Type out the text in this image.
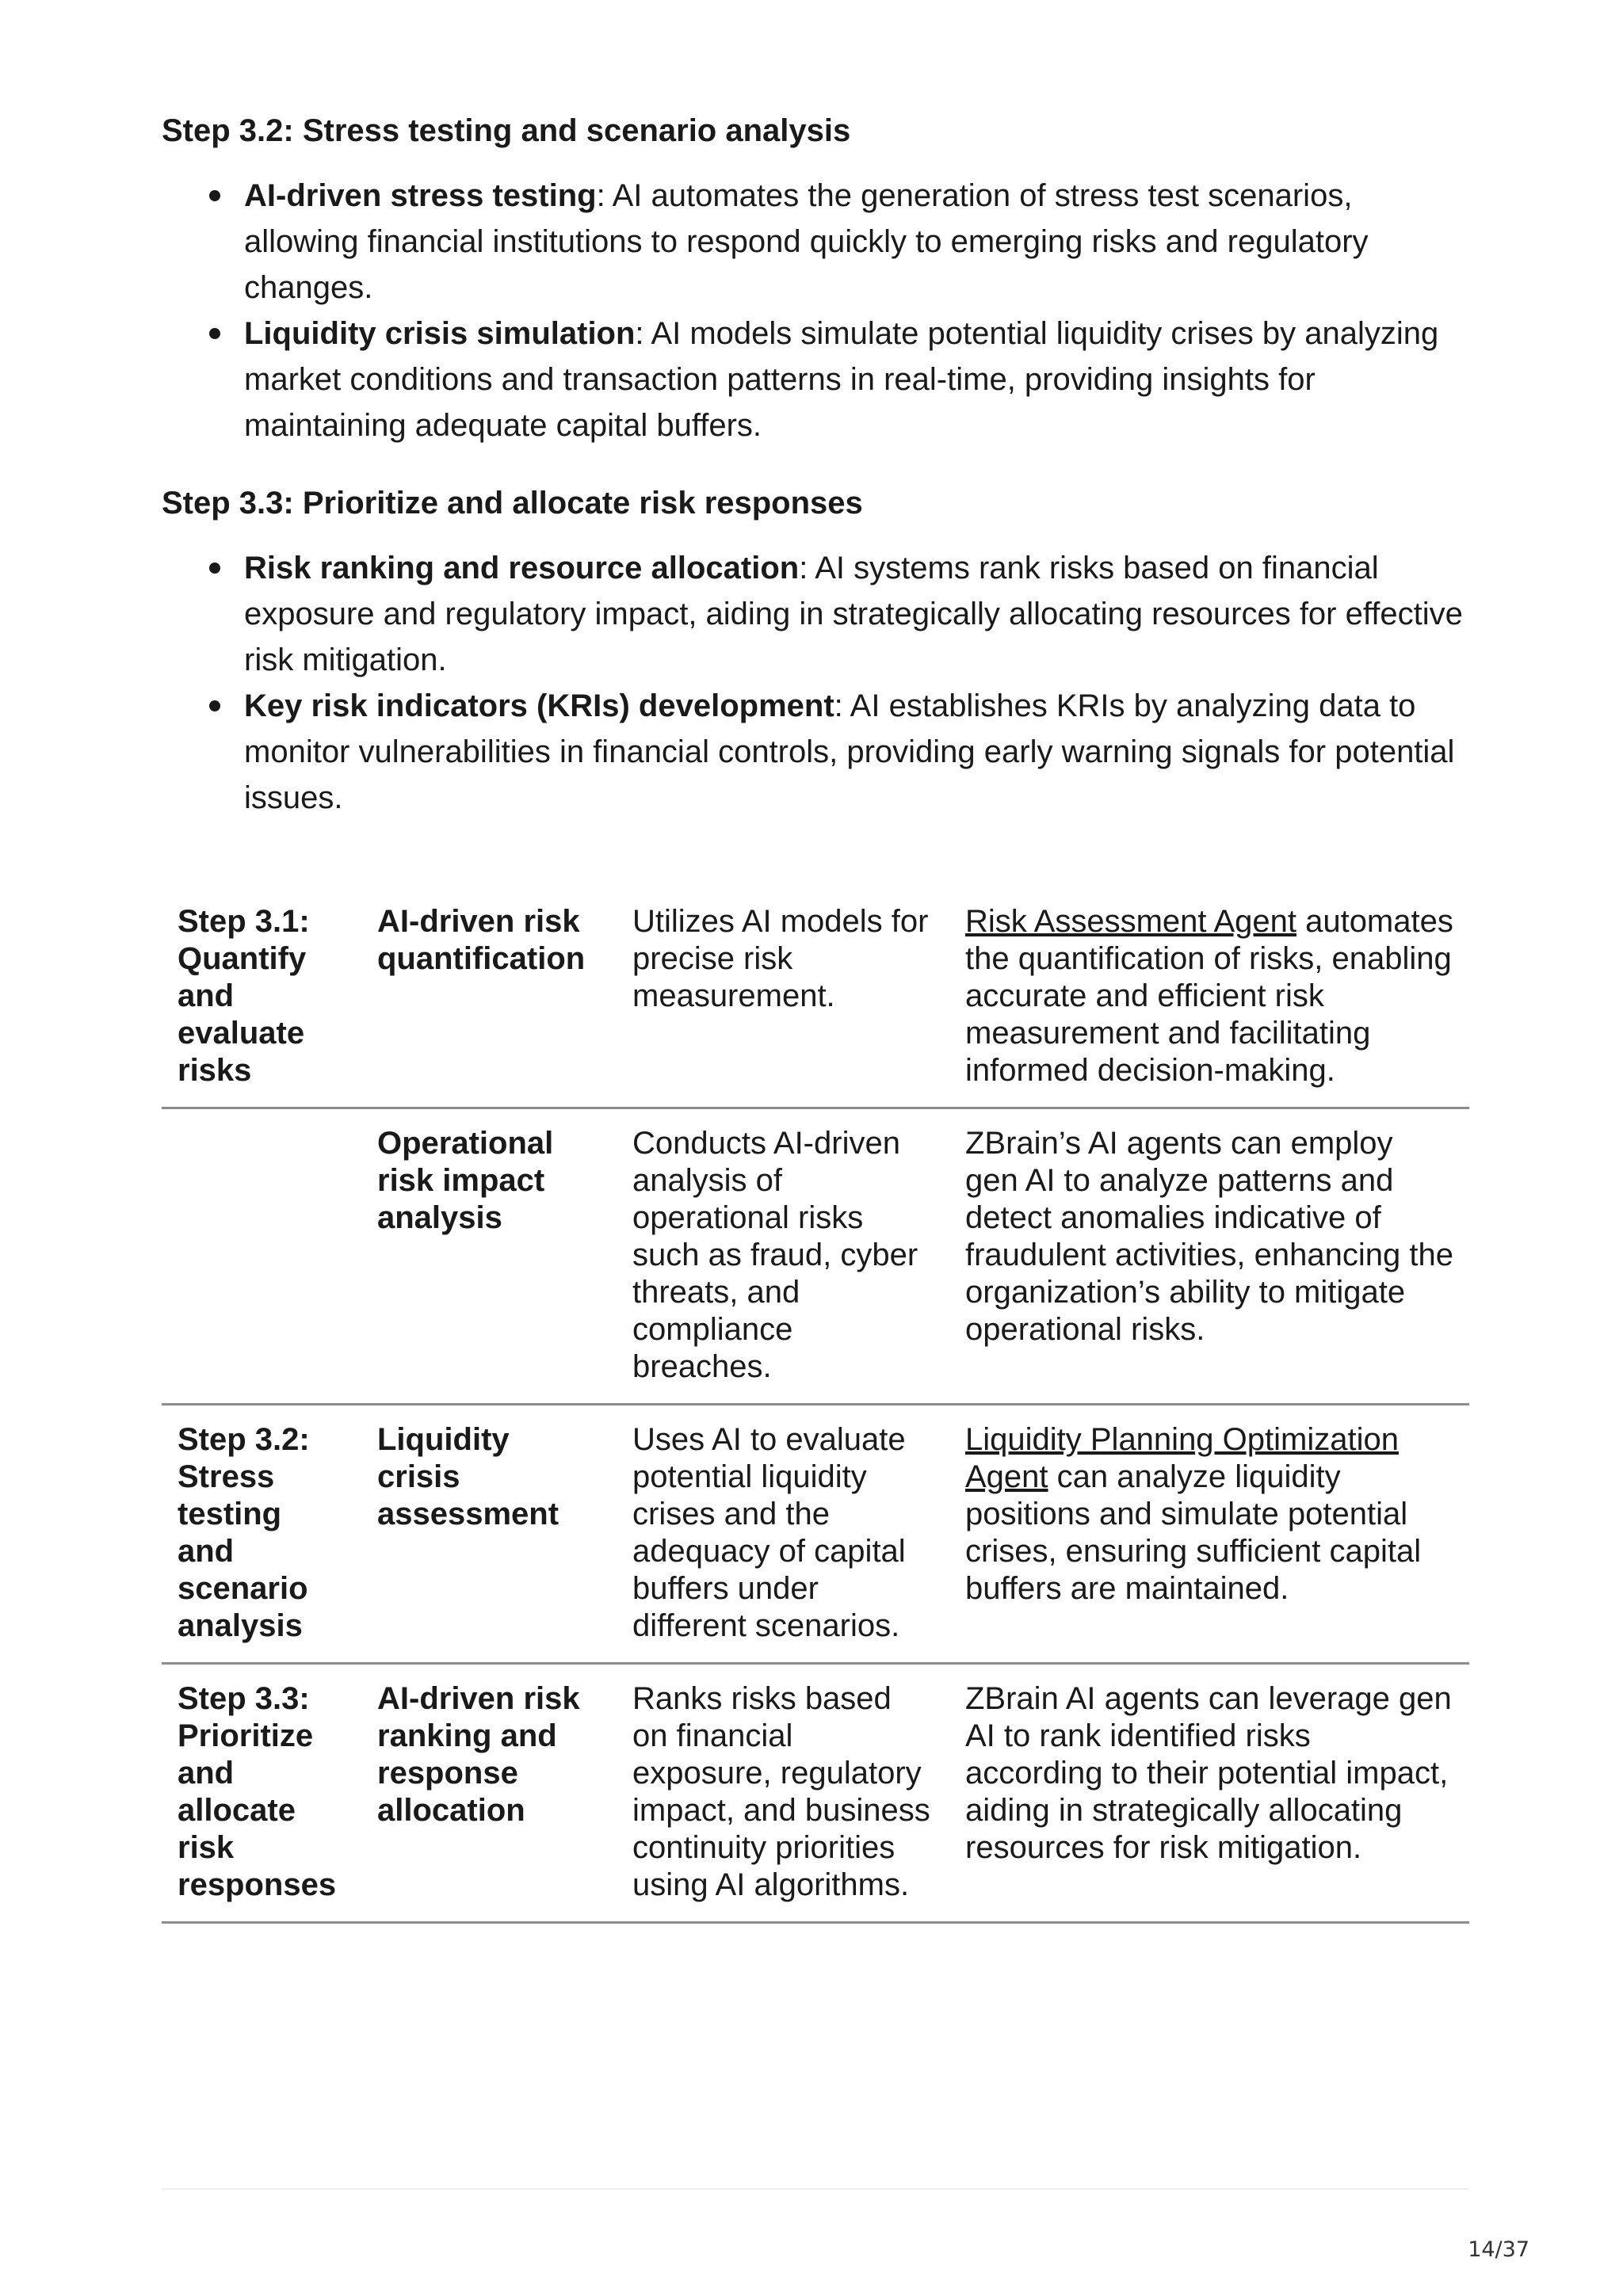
Step 3.2: Stress testing and scenario analysis
AI-driven stress testing: AI automates the generation of stress test scenarios, allowing financial institutions to respond quickly to emerging risks and regulatory changes.
Liquidity crisis simulation: AI models simulate potential liquidity crises by analyzing market conditions and transaction patterns in real-time, providing insights for maintaining adequate capital buffers.
Step 3.3: Prioritize and allocate risk responses
Risk ranking and resource allocation: AI systems rank risks based on financial exposure and regulatory impact, aiding in strategically allocating resources for effective risk mitigation.
Key risk indicators (KRIs) development: AI establishes KRIs by analyzing data to monitor vulnerabilities in financial controls, providing early warning signals for potential issues.
Step 3.1: Quantify and evaluate risks	AI-driven risk quantification	Utilizes AI models for precise risk measurement.	Risk Assessment Agent automates the quantification of risks, enabling accurate and efficient risk measurement and facilitating informed decision-making.
	Operational risk impact analysis	Conducts AI-driven analysis of operational risks such as fraud, cyber threats, and compliance breaches.	ZBrain’s AI agents can employ gen AI to analyze patterns and detect anomalies indicative of fraudulent activities, enhancing the organization’s ability to mitigate operational risks.
Step 3.2: Stress testing and scenario analysis	Liquidity crisis assessment	Uses AI to evaluate potential liquidity crises and the adequacy of capital buffers under different scenarios.	Liquidity Planning Optimization Agent can analyze liquidity positions and simulate potential crises, ensuring sufficient capital buffers are maintained.
Step 3.3: Prioritize and allocate risk responses	AI-driven risk ranking and response allocation	Ranks risks based on financial exposure, regulatory impact, and business continuity priorities using AI algorithms.	ZBrain AI agents can leverage gen AI to rank identified risks according to their potential impact, aiding in strategically allocating resources for risk mitigation.
14/37
